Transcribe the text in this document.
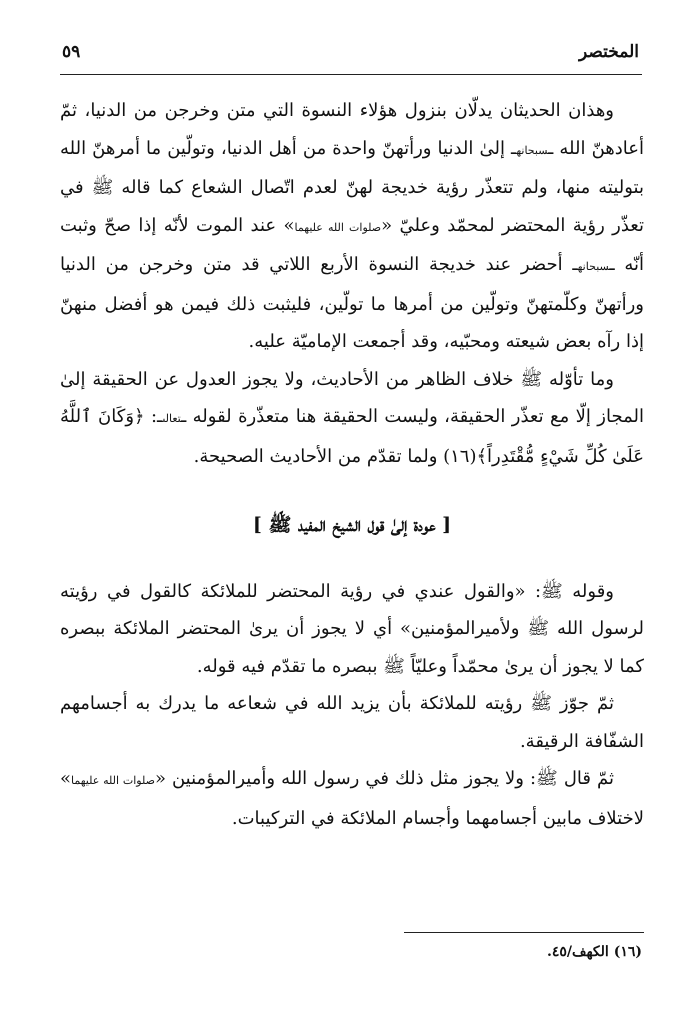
المختصر
٥٩

وهذان الحديثان يدلّان بنزول هؤلاء النسوة التي متن وخرجن من الدنيا، ثمّ أعادهنّ الله ـسبحانهـ إلىٰ الدنيا ورأتهنّ واحدة من أهل الدنيا، وتولّين ما أمرهنّ الله بتوليته منها، ولم تتعذّر رؤية خديجة لهنّ لعدم اتّصال الشعاع كما قاله ﷺ في تعذّر رؤية المحتضر لمحمّد وعليّ «صلوات الله عليهما» عند الموت لأنّه إذا صحّ وثبت أنّه ـسبحانهـ أحضر عند خديجة النسوة الأربع اللاتي قد متن وخرجن من الدنيا ورأتهنّ وكلّمتهنّ وتولّين من أمرها ما تولّين، فليثبت ذلك فيمن هو أفضل منهنّ إذا رآه بعض شيعته ومحبّيه، وقد أجمعت الإماميّة عليه.

وما تأوّله ﷺ خلاف الظاهر من الأحاديث، ولا يجوز العدول عن الحقيقة إلىٰ المجاز إلّا مع تعذّر الحقيقة، وليست الحقيقة هنا متعذّرة لقوله ـتعالىـ: ﴿وَكَانَ ٱللَّهُ عَلَىٰ كُلِّ شَيْءٍ مُّقْتَدِراً﴾(١٦) ولما تقدّم من الأحاديث الصحيحة.

[ عودة إلىٰ قول الشيخ المفيد ﷺ ]

وقوله ﷺ: «والقول عندي في رؤية المحتضر للملائكة كالقول في رؤيته لرسول الله ﷺ ولأميرالمؤمنين» أي لا يجوز أن يرىٰ المحتضر الملائكة ببصره كما لا يجوز أن يرىٰ محمّداً وعليّاً ﷺ ببصره ما تقدّم فيه قوله.

ثمّ جوّز ﷺ رؤيته للملائكة بأن يزيد الله في شعاعه ما يدرك به أجسامهم الشفّافة الرقيقة.

ثمّ قال ﷺ: ولا يجوز مثل ذلك في رسول الله وأميرالمؤمنين «صلوات الله عليهما» لاختلاف مابين أجسامهما وأجسام الملائكة في التركيبات.

(١٦) الكهف/٤٥.
